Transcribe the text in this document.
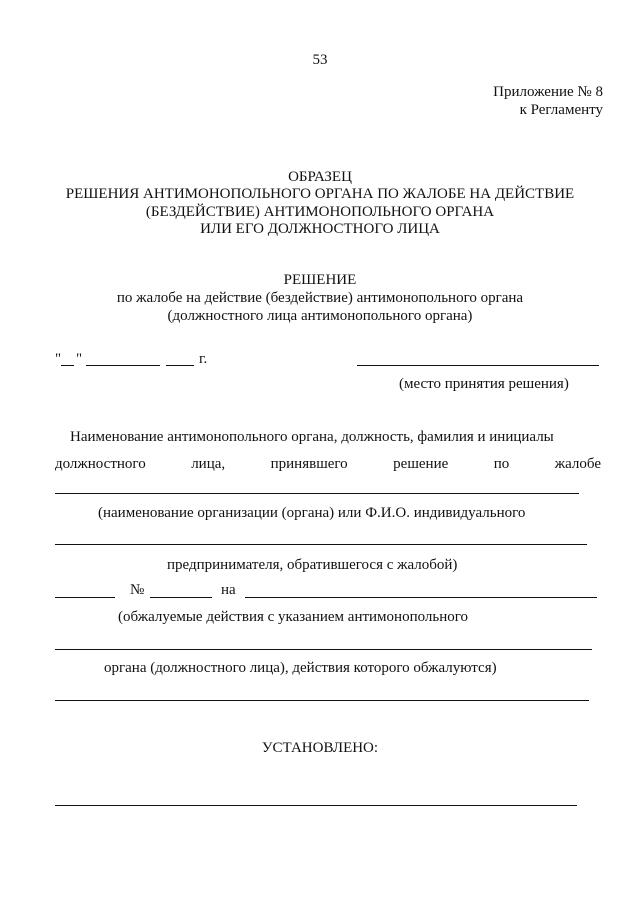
53
Приложение № 8
к Регламенту
ОБРАЗЕЦ
РЕШЕНИЯ АНТИМОНОПОЛЬНОГО ОРГАНА ПО ЖАЛОБЕ НА ДЕЙСТВИЕ
(БЕЗДЕЙСТВИЕ) АНТИМОНОПОЛЬНОГО ОРГАНА
ИЛИ ЕГО ДОЛЖНОСТНОГО ЛИЦА
РЕШЕНИЕ
по жалобе на действие (бездействие) антимонопольного органа
(должностного лица антимонопольного органа)
" "	г.
(место принятия решения)
Наименование антимонопольного органа, должность, фамилия и инициалы
должностного	лица,	принявшего	решение	по	жалобе
(наименование организации (органа) или Ф.И.О. индивидуального
предпринимателя, обратившегося с жалобой)
№	на
(обжалуемые действия с указанием антимонопольного
органа (должностного лица), действия которого обжалуются)
УСТАНОВЛЕНО:
